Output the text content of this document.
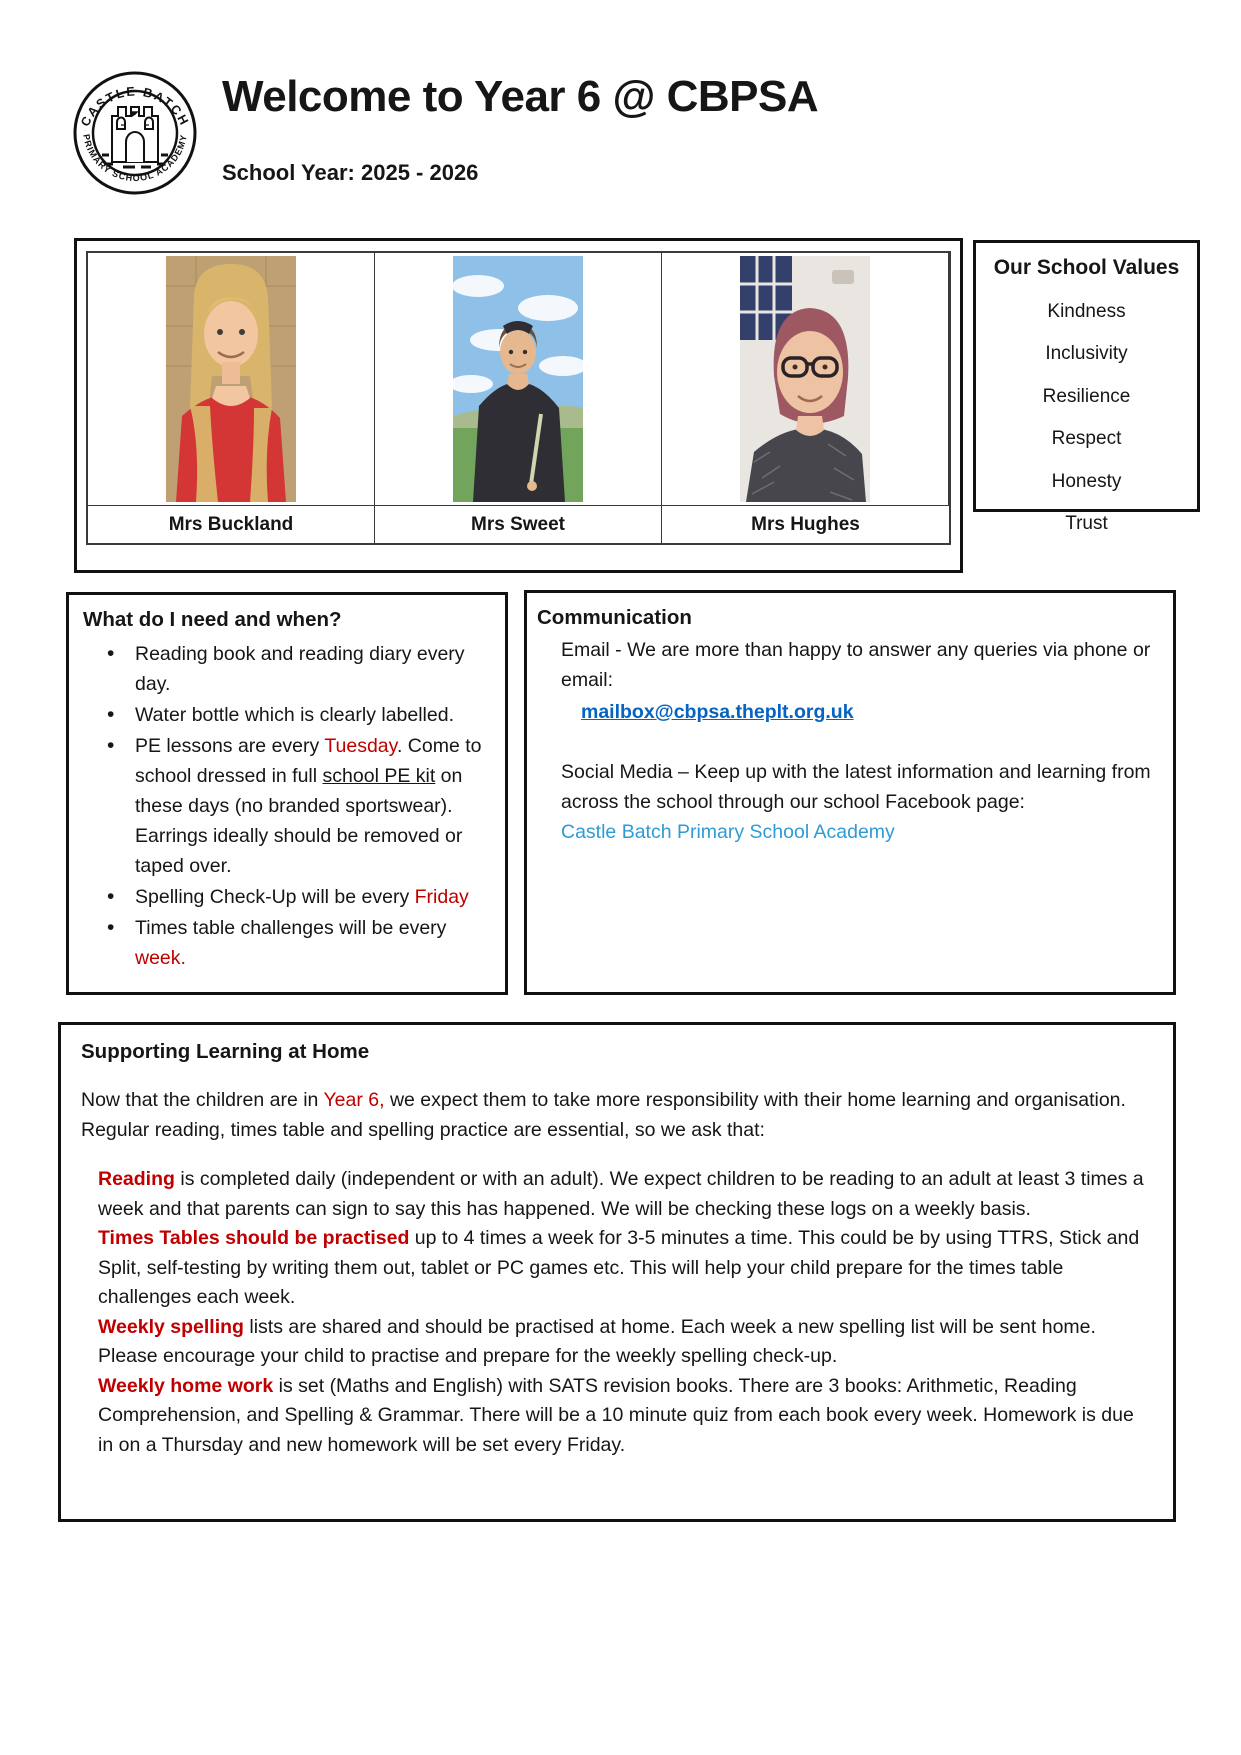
CASTLE BATCH
PRIMARY SCHOOL ACADEMY
Welcome to Year 6 @ CBPSA
School Year: 2025 - 2026
Mrs Buckland	Mrs Sweet	Mrs Hughes
Our School Values
Kindness
Inclusivity
Resilience
Respect
Honesty
Trust
What do I need and when?
• Reading book and reading diary every day.
• Water bottle which is clearly labelled.
• PE lessons are every Tuesday. Come to school dressed in full school PE kit on these days (no branded sportswear). Earrings ideally should be removed or taped over.
• Spelling Check-Up will be every Friday
• Times table challenges will be every week.
Communication

Email - We are more than happy to answer any queries via phone or email:

mailbox@cbpsa.theplt.org.uk

Social Media – Keep up with the latest information and learning from across the school through our school Facebook page:

Castle Batch Primary School Academy
Supporting Learning at Home

Now that the children are in Year 6, we expect them to take more responsibility with their home learning and organisation. Regular reading, times table and spelling practice are essential, so we ask that:

Reading is completed daily (independent or with an adult). We expect children to be reading to an adult at least 3 times a week and that parents can sign to say this has happened. We will be checking these logs on a weekly basis.

Times Tables should be practised up to 4 times a week for 3-5 minutes a time. This could be by using TTRS, Stick and Split, self-testing by writing them out, tablet or PC games etc. This will help your child prepare for the times table challenges each week.

Weekly spelling lists are shared and should be practised at home. Each week a new spelling list will be sent home. Please encourage your child to practise and prepare for the weekly spelling check-up.

Weekly home work is set (Maths and English) with SATS revision books. There are 3 books: Arithmetic, Reading Comprehension, and Spelling & Grammar. There will be a 10 minute quiz from each book every week. Homework is due in on a Thursday and new homework will be set every Friday.
